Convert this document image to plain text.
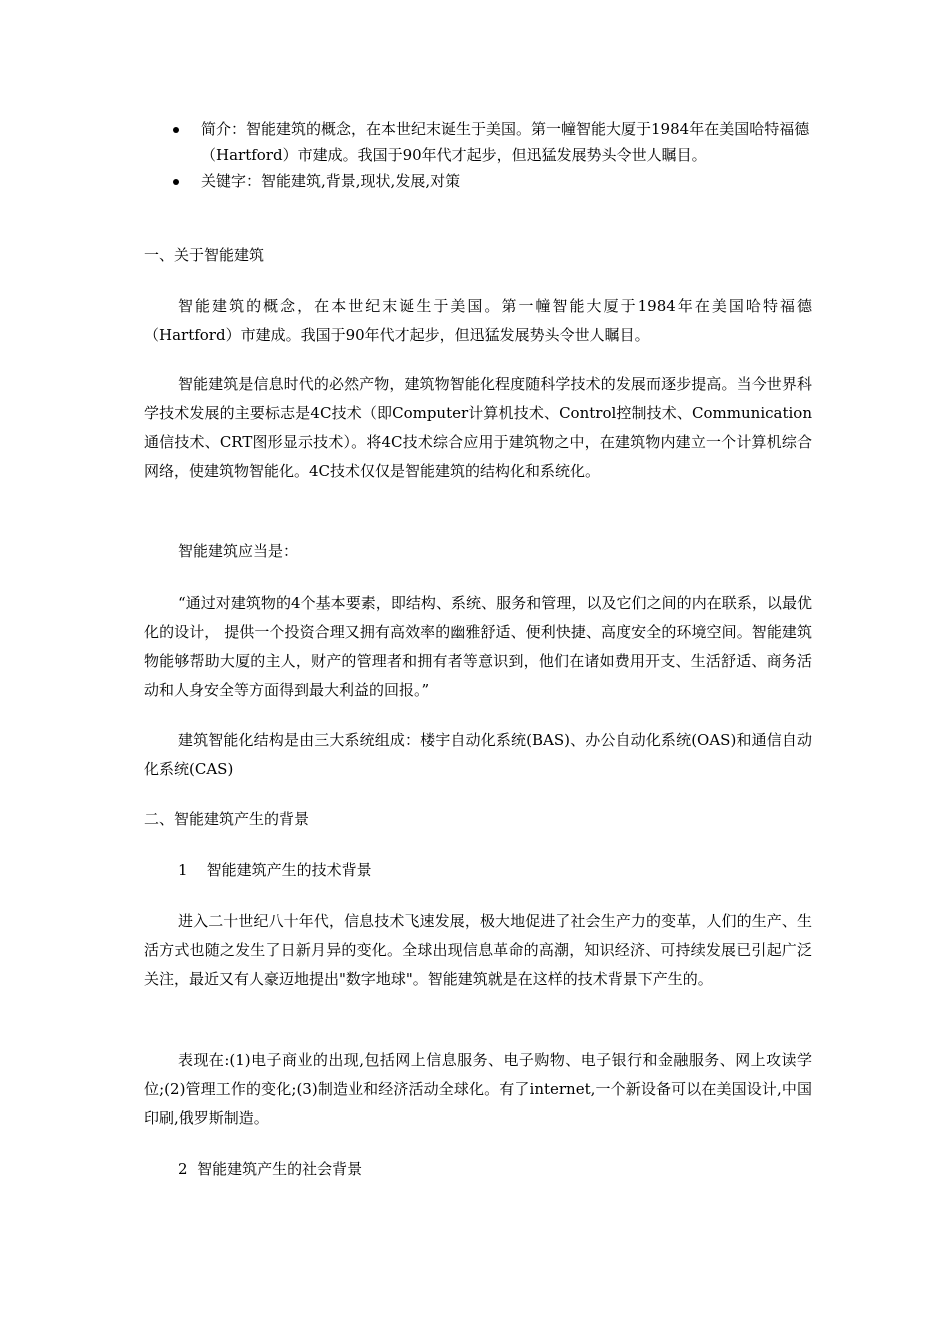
简介：智能建筑的概念，在本世纪末诞生于美国。第一幢智能大厦于1984年在美国哈特福德 （Hartford）市建成。我国于90年代才起步，但迅猛发展势头令世人瞩目。
关键字：智能建筑,背景,现状,发展,对策

一、关于智能建筑

智能建筑的概念，在本世纪末诞生于美国。第一幢智能大厦于1984年在美国哈特福德（Hartford）市建成。我国于90年代才起步，但迅猛发展势头令世人瞩目。

智能建筑是信息时代的必然产物，建筑物智能化程度随科学技术的发展而逐步提高。当今世界科学技术发展的主要标志是4C技术（即Computer计算机技术、Control控制技术、Communication通信技术、CRT图形显示技术）。将4C技术综合应用于建筑物之中，在建筑物内建立一个计算机综合网络，使建筑物智能化。4C技术仅仅是智能建筑的结构化和系统化。

智能建筑应当是：

“通过对建筑物的4个基本要素，即结构、系统、服务和管理，以及它们之间的内在联系，以最优化的设计， 提供一个投资合理又拥有高效率的幽雅舒适、便利快捷、高度安全的环境空间。智能建筑物能够帮助大厦的主人，财产的管理者和拥有者等意识到，他们在诸如费用开支、生活舒适、商务活动和人身安全等方面得到最大利益的回报。”

建筑智能化结构是由三大系统组成：楼宇自动化系统(BAS)、办公自动化系统(OAS)和通信自动化系统(CAS)

二、智能建筑产生的背景

1    智能建筑产生的技术背景

进入二十世纪八十年代，信息技术飞速发展，极大地促进了社会生产力的变革，人们的生产、生活方式也随之发生了日新月异的变化。全球出现信息革命的高潮，知识经济、可持续发展已引起广泛关注，最近又有人豪迈地提出"数字地球"。智能建筑就是在这样的技术背景下产生的。

表现在:(1)电子商业的出现,包括网上信息服务、电子购物、电子银行和金融服务、网上攻读学位;(2)管理工作的变化;(3)制造业和经济活动全球化。有了internet,一个新设备可以在美国设计,中国印刷,俄罗斯制造。

2  智能建筑产生的社会背景
